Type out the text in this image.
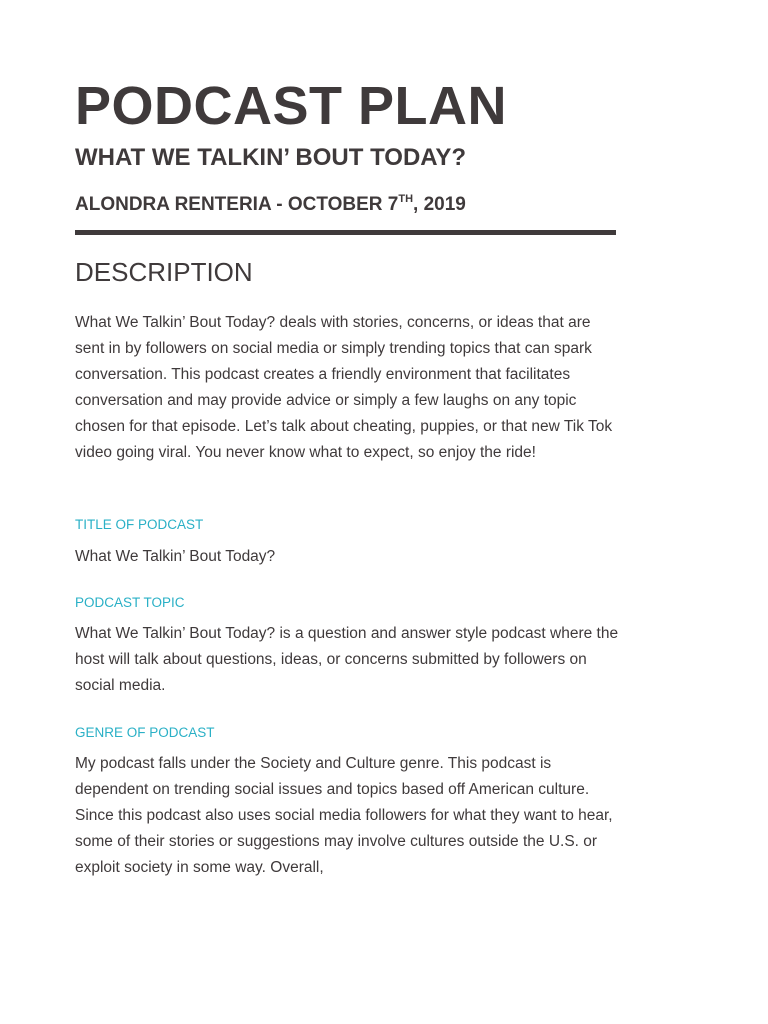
PODCAST PLAN
WHAT WE TALKIN’ BOUT TODAY?

ALONDRA RENTERIA - OCTOBER 7TH, 2019

DESCRIPTION

What We Talkin’ Bout Today? deals with stories, concerns, or ideas that are sent in by followers on social media or simply trending topics that can spark conversation. This podcast creates a friendly environment that facilitates conversation and may provide advice or simply a few laughs on any topic chosen for that episode. Let’s talk about cheating, puppies, or that new Tik Tok video going viral. You never know what to expect, so enjoy the ride!

TITLE OF PODCAST

What We Talkin’ Bout Today?

PODCAST TOPIC

What We Talkin’ Bout Today? is a question and answer style podcast where the host will talk about questions, ideas, or concerns submitted by followers on social media.

GENRE OF PODCAST

My podcast falls under the Society and Culture genre. This podcast is dependent on trending social issues and topics based off American culture. Since this podcast also uses social media followers for what they want to hear, some of their stories or suggestions may involve cultures outside the U.S. or exploit society in some way. Overall,
